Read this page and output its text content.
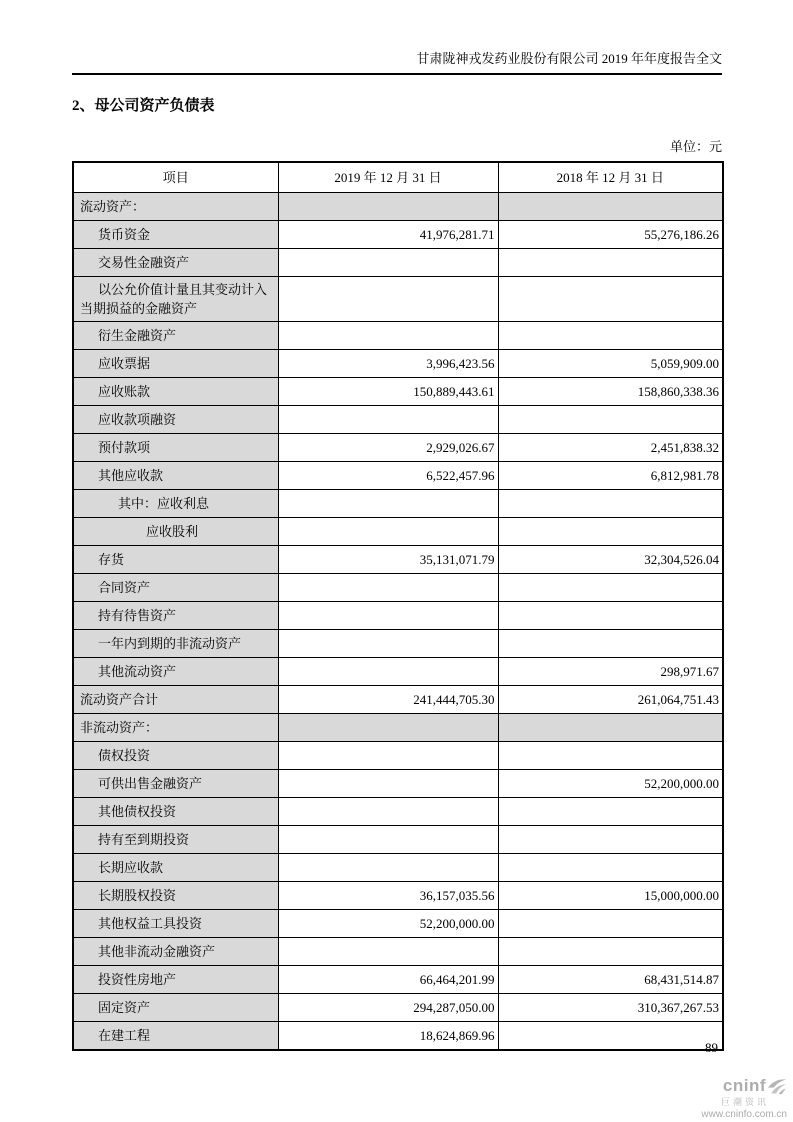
甘肃陇神戎发药业股份有限公司 2019 年年度报告全文
2、母公司资产负债表
单位：元
项目	2019 年 12 月 31 日	2018 年 12 月 31 日
流动资产：		
货币资金	41,976,281.71	55,276,186.26
交易性金融资产		
以公允价值计量且其变动计入当期损益的金融资产		
衍生金融资产		
应收票据	3,996,423.56	5,059,909.00
应收账款	150,889,443.61	158,860,338.36
应收款项融资		
预付款项	2,929,026.67	2,451,838.32
其他应收款	6,522,457.96	6,812,981.78
其中：应收利息		
应收股利		
存货	35,131,071.79	32,304,526.04
合同资产		
持有待售资产		
一年内到期的非流动资产		
其他流动资产		298,971.67
流动资产合计	241,444,705.30	261,064,751.43
非流动资产：		
债权投资		
可供出售金融资产		52,200,000.00
其他债权投资		
持有至到期投资		
长期应收款		
长期股权投资	36,157,035.56	15,000,000.00
其他权益工具投资	52,200,000.00	
其他非流动金融资产		
投资性房地产	66,464,201.99	68,431,514.87
固定资产	294,287,050.00	310,367,267.53
在建工程	18,624,869.96	
89
cninf
巨潮资讯
www.cninfo.com.cn
